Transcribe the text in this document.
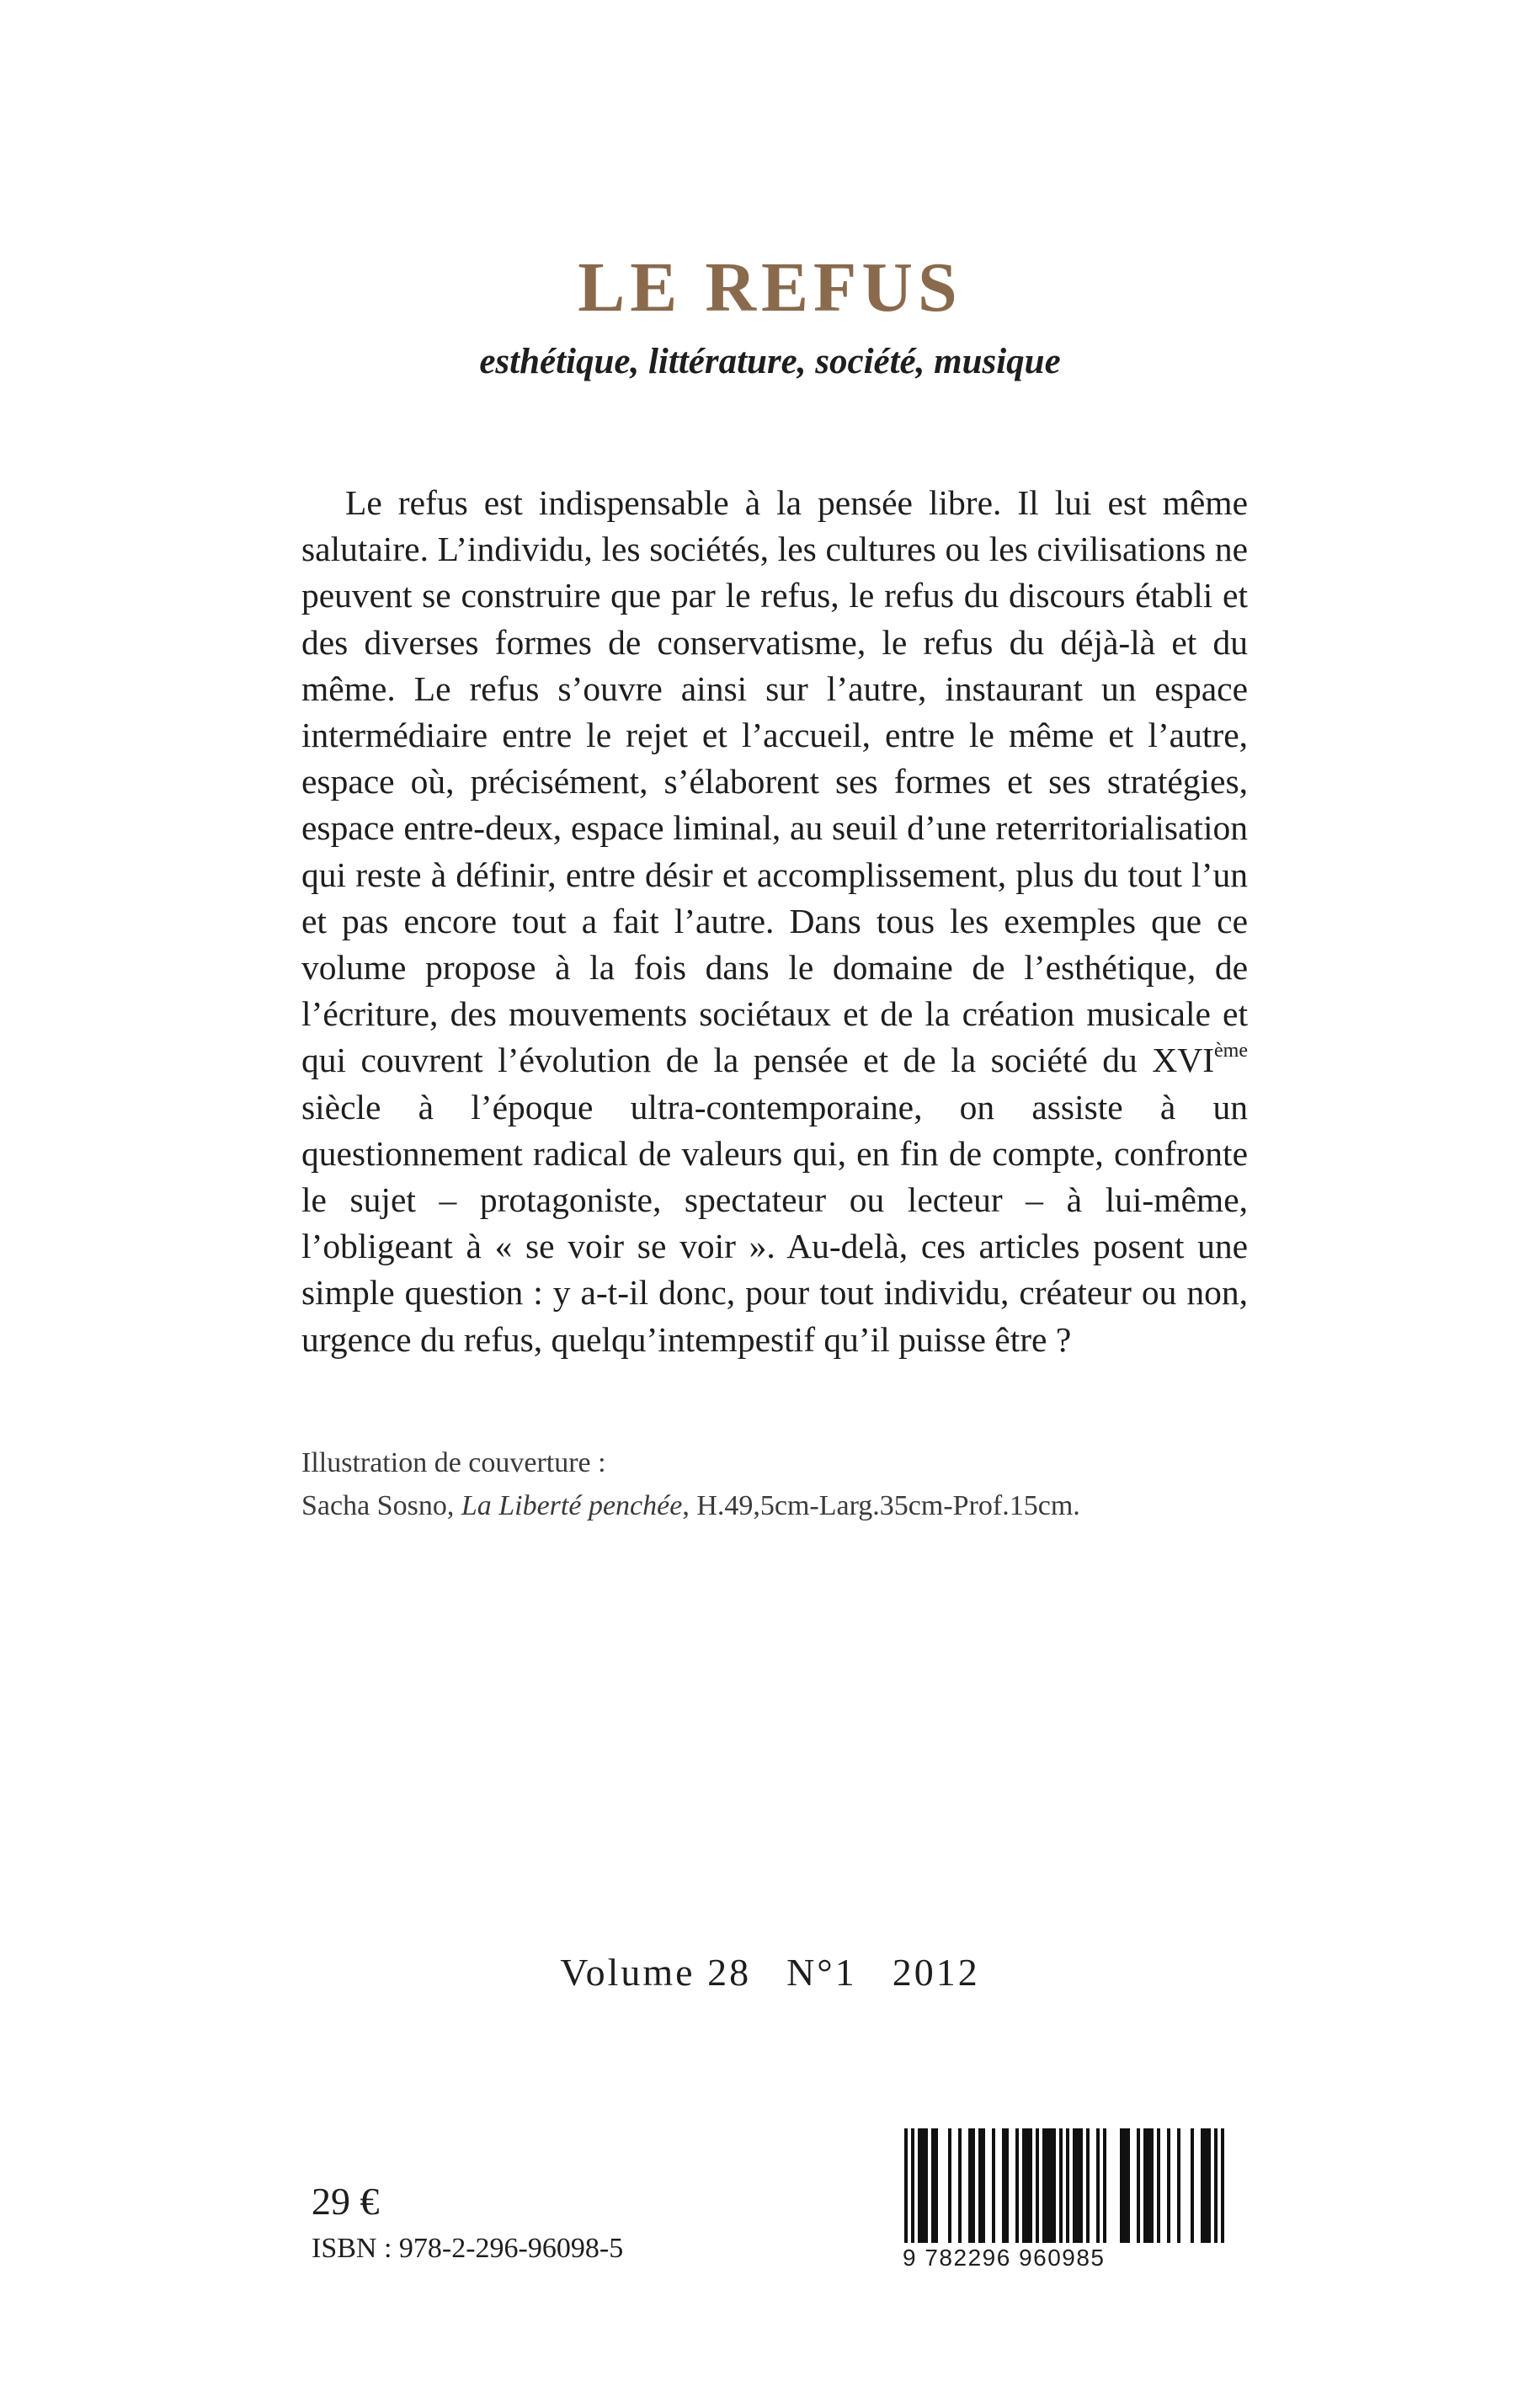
LE REFUS
esthétique, littérature, société, musique

Le refus est indispensable à la pensée libre. Il lui est même salutaire. L’individu, les sociétés, les cultures ou les civilisations ne peuvent se construire que par le refus, le refus du discours établi et des diverses formes de conservatisme, le refus du déjà-là et du même. Le refus s’ouvre ainsi sur l’autre, instaurant un espace intermédiaire entre le rejet et l’accueil, entre le même et l’autre, espace où, précisément, s’élaborent ses formes et ses stratégies, espace entre-deux, espace liminal, au seuil d’une reterritorialisation qui reste à définir, entre désir et accomplissement, plus du tout l’un et pas encore tout a fait l’autre. Dans tous les exemples que ce volume propose à la fois dans le domaine de l’esthétique, de l’écriture, des mouvements sociétaux et de la création musicale et qui couvrent l’évolution de la pensée et de la société du XVIème siècle à l’époque ultra-contemporaine, on assiste à un questionnement radical de valeurs qui, en fin de compte, confronte le sujet – protagoniste, spectateur ou lecteur – à lui-même, l’obligeant à « se voir se voir ». Au-delà, ces articles posent une simple question : y a-t-il donc, pour tout individu, créateur ou non, urgence du refus, quelqu’intempestif qu’il puisse être ?

Illustration de couverture :
Sacha Sosno, La Liberté penchée, H.49,5cm-Larg.35cm-Prof.15cm.
Volume 28 N°1 2012
29 €
ISBN : 978-2-296-96098-5	9 782296 960985
